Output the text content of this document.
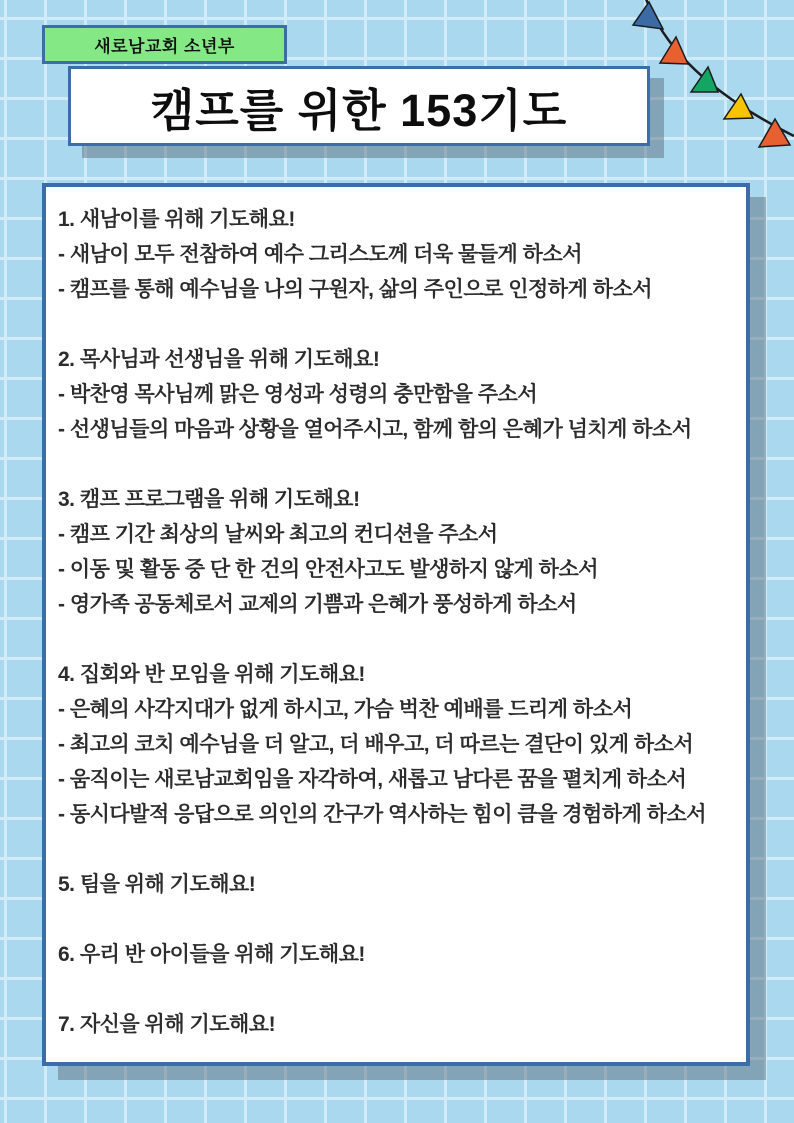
새로남교회 소년부
캠프를 위한 153기도
1. 새남이를 위해 기도해요!
- 새남이 모두 전참하여 예수 그리스도께 더욱 물들게 하소서
- 캠프를 통해 예수님을 나의 구원자, 삶의 주인으로 인정하게 하소서
2. 목사님과 선생님을 위해 기도해요!
- 박찬영 목사님께 맑은 영성과 성령의 충만함을 주소서
- 선생님들의 마음과 상황을 열어주시고, 함께 함의 은혜가 넘치게 하소서
3. 캠프 프로그램을 위해 기도해요!
- 캠프 기간 최상의 날씨와 최고의 컨디션을 주소서
- 이동 및 활동 중 단 한 건의 안전사고도 발생하지 않게 하소서
- 영가족 공동체로서 교제의 기쁨과 은혜가 풍성하게 하소서
4. 집회와 반 모임을 위해 기도해요!
- 은혜의 사각지대가 없게 하시고, 가슴 벅찬 예배를 드리게 하소서
- 최고의 코치 예수님을 더 알고, 더 배우고, 더 따르는 결단이 있게 하소서
- 움직이는 새로남교회임을 자각하여, 새롭고 남다른 꿈을 펼치게 하소서
- 동시다발적 응답으로 의인의 간구가 역사하는 힘이 큼을 경험하게 하소서
5. 팀을 위해 기도해요!
6. 우리 반 아이들을 위해 기도해요!
7. 자신을 위해 기도해요!
